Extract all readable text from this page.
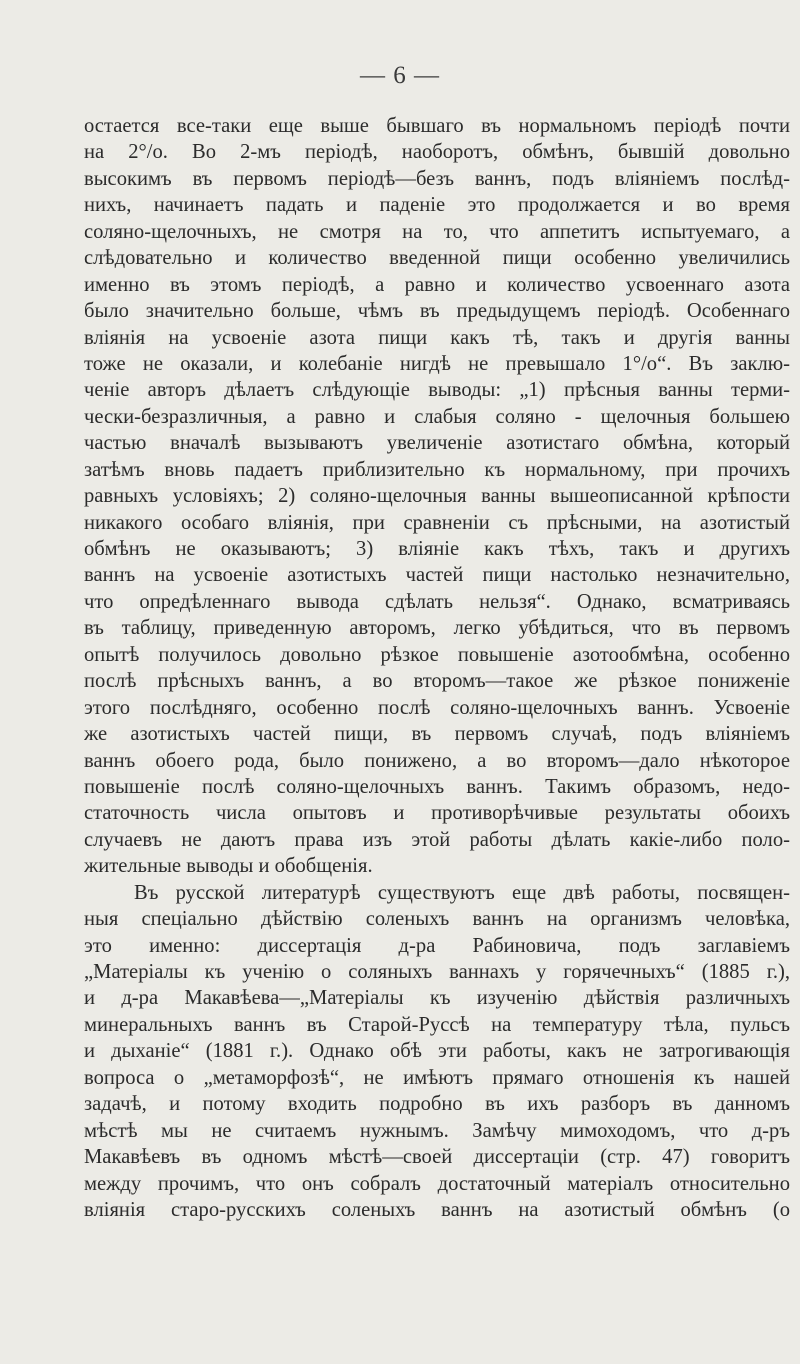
— 6 —
остается все-таки еще выше бывшаго въ нормальномъ періодѣ почти
на 2°/о. Во 2-мъ періодѣ, наоборотъ, обмѣнъ, бывшій довольно
высокимъ въ первомъ періодѣ—безъ ваннъ, подъ вліяніемъ послѣд-
нихъ, начинаетъ падать и паденіе это продолжается и во время
соляно-щелочныхъ, не смотря на то, что аппетитъ испытуемаго, а
слѣдовательно и количество введенной пищи особенно увеличились
именно въ этомъ періодѣ, а равно и количество усвоеннаго азота
было значительно больше, чѣмъ въ предыдущемъ періодѣ. Особеннаго
вліянія на усвоеніе азота пищи какъ тѣ, такъ и другія ванны
тоже не оказали, и колебаніе нигдѣ не превышало 1°/о“. Въ заклю-
ченіе авторъ дѣлаетъ слѣдующіе выводы: „1) прѣсныя ванны терми-
чески-безразличныя, а равно и слабыя соляно - щелочныя большею
частью вначалѣ вызываютъ увеличеніе азотистаго обмѣна, который
затѣмъ вновь падаетъ приблизительно къ нормальному, при прочихъ
равныхъ условіяхъ; 2) соляно-щелочныя ванны вышеописанной крѣпости
никакого особаго вліянія, при сравненіи съ прѣсными, на азотистый
обмѣнъ не оказываютъ; 3) вліяніе какъ тѣхъ, такъ и другихъ
ваннъ на усвоеніе азотистыхъ частей пищи настолько незначительно,
что опредѣленнаго вывода сдѣлать нельзя“. Однако, всматриваясь
въ таблицу, приведенную авторомъ, легко убѣдиться, что въ первомъ
опытѣ получилось довольно рѣзкое повышеніе азотообмѣна, особенно
послѣ прѣсныхъ ваннъ, а во второмъ—такое же рѣзкое пониженіе
этого послѣдняго, особенно послѣ соляно-щелочныхъ ваннъ. Усвоеніе
же азотистыхъ частей пищи, въ первомъ случаѣ, подъ вліяніемъ
ваннъ обоего рода, было понижено, а во второмъ—дало нѣкоторое
повышеніе послѣ соляно-щелочныхъ ваннъ. Такимъ образомъ, недо-
статочность числа опытовъ и противорѣчивые результаты обоихъ
случаевъ не даютъ права изъ этой работы дѣлать какіе-либо поло-
жительные выводы и обобщенія.
Въ русской литературѣ существуютъ еще двѣ работы, посвящен-
ныя спеціально дѣйствію соленыхъ ваннъ на организмъ человѣка,
это именно: диссертація д-ра Рабиновича, подъ заглавіемъ
„Матеріалы къ ученію о соляныхъ ваннахъ у горячечныхъ“ (1885 г.),
и д-ра Макавѣева—„Матеріалы къ изученію дѣйствія различныхъ
минеральныхъ ваннъ въ Старой-Руссѣ на температуру тѣла, пульсъ
и дыханіе“ (1881 г.). Однако обѣ эти работы, какъ не затрогивающія
вопроса о „метаморфозѣ“, не имѣютъ прямаго отношенія къ нашей
задачѣ, и потому входить подробно въ ихъ разборъ въ данномъ
мѣстѣ мы не считаемъ нужнымъ. Замѣчу мимоходомъ, что д-ръ
Макавѣевъ въ одномъ мѣстѣ—своей диссертаціи (стр. 47) говоритъ
между прочимъ, что онъ собралъ достаточный матеріалъ относительно
вліянія старо-русскихъ соленыхъ ваннъ на азотистый обмѣнъ (о
